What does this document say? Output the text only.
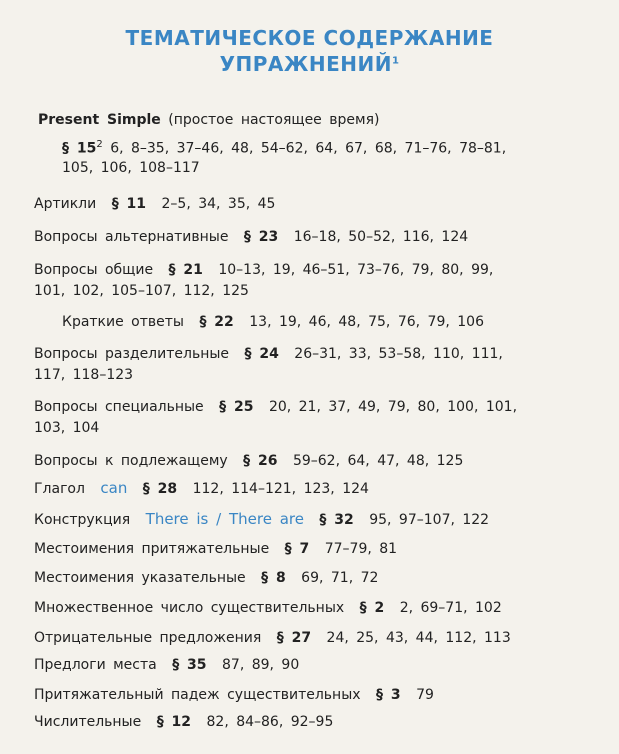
ТЕМАТИЧЕСКОЕ СОДЕРЖАНИЕ
УПРАЖНЕНИЙ$^1$
Present Simple (простое настоящее время)
§ $15^2$ 6, 8–35, 37–46, 48, 54–62, 64, 67, 68, 71–76, 78–81,
105, 106, 108–117
Артикли § 11 2–5, 34, 35, 45
Вопросы альтернативные § 23 16–18, 50–52, 116, 124
Вопросы общие § 21 10–13, 19, 46–51, 73–76, 79, 80, 99,
101, 102, 105–107, 112, 125
Краткие ответы § 22 13, 19, 46, 48, 75, 76, 79, 106
Вопросы разделительные § 24 26–31, 33, 53–58, 110, 111,
117, 118–123
Вопросы специальные § 25 20, 21, 37, 49, 79, 80, 100, 101,
103, 104
Вопросы к подлежащему § 26 59–62, 64, 47, 48, 125
Глагол can § 28 112, 114–121, 123, 124
Конструкция There is / There are § 32 95, 97–107, 122
Местоимения притяжательные § 7 77–79, 81
Местоимения указательные § 8 69, 71, 72
Множественное число существительных § 2 2, 69–71, 102
Отрицательные предложения § 27 24, 25, 43, 44, 112, 113
Предлоги места § 35 87, 89, 90
Притяжательный падеж существительных § 3 79
Числительные § 12 82, 84–86, 92–95
